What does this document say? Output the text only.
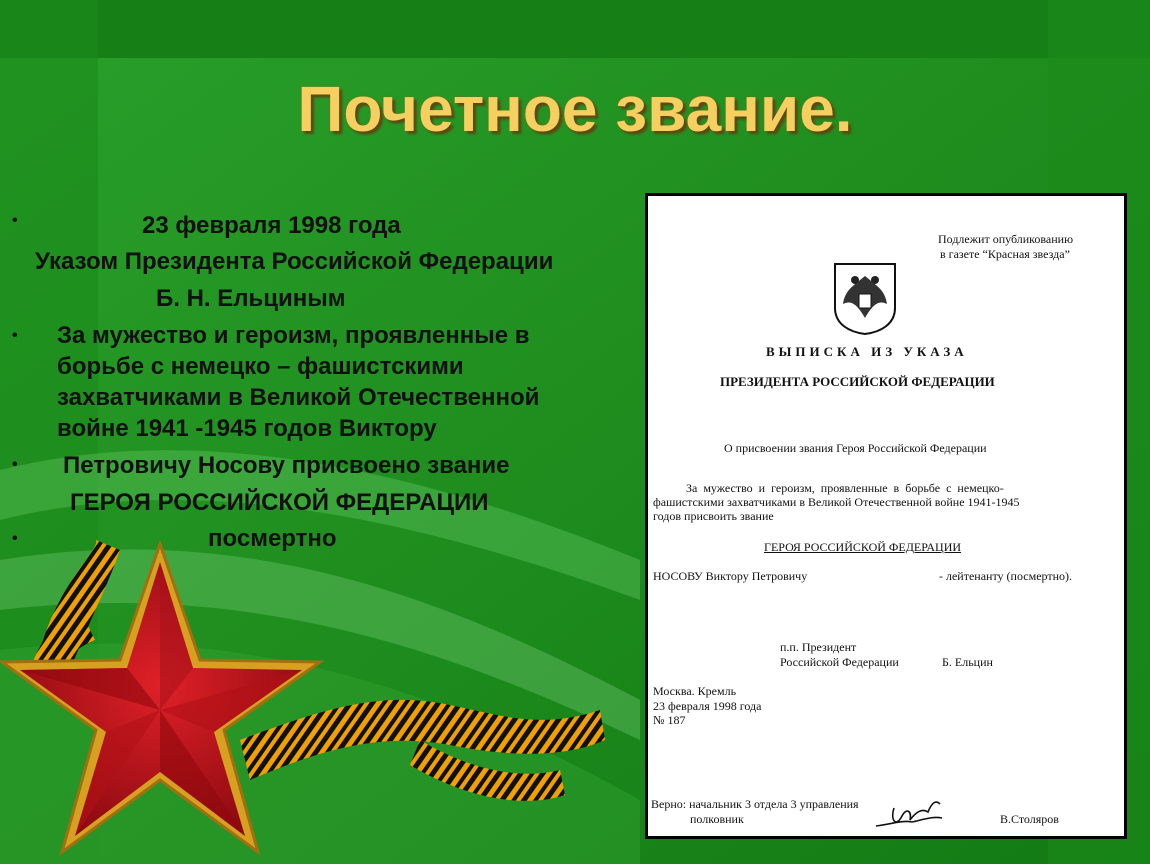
Почетное звание.
•	23 февраля 1998 года
Указом Президента Российской Федерации
Б. Н. Ельциным
• За мужество и героизм, проявленные в
борьбе с немецко – фашистскими
захватчиками в Великой Отечественной
войне 1941 -1945 годов Виктору
• Петровичу Носову присвоено звание
ГЕРОЯ РОССИЙСКОЙ ФЕДЕРАЦИИ
•	посмертно
Подлежит опубликованию
в газете “Красная звезда”
ВЫПИСКА ИЗ УКАЗА
ПРЕЗИДЕНТА РОССИЙСКОЙ ФЕДЕРАЦИИ
О присвоении звания Героя Российской Федерации
За мужество и героизм, проявленные в борьбе с немецко-
фашистскими захватчиками в Великой Отечественной войне 1941-1945
годов присвоить звание
ГЕРОЯ РОССИЙСКОЙ ФЕДЕРАЦИИ
НОСОВУ Виктору Петровичу	- лейтенанту (посмертно).
п.п. Президент
Российской Федерации	Б. Ельцин
Москва. Кремль
23 февраля 1998 года
№ 187
Верно: начальник 3 отдела 3 управления
полковник	В.Столяров
